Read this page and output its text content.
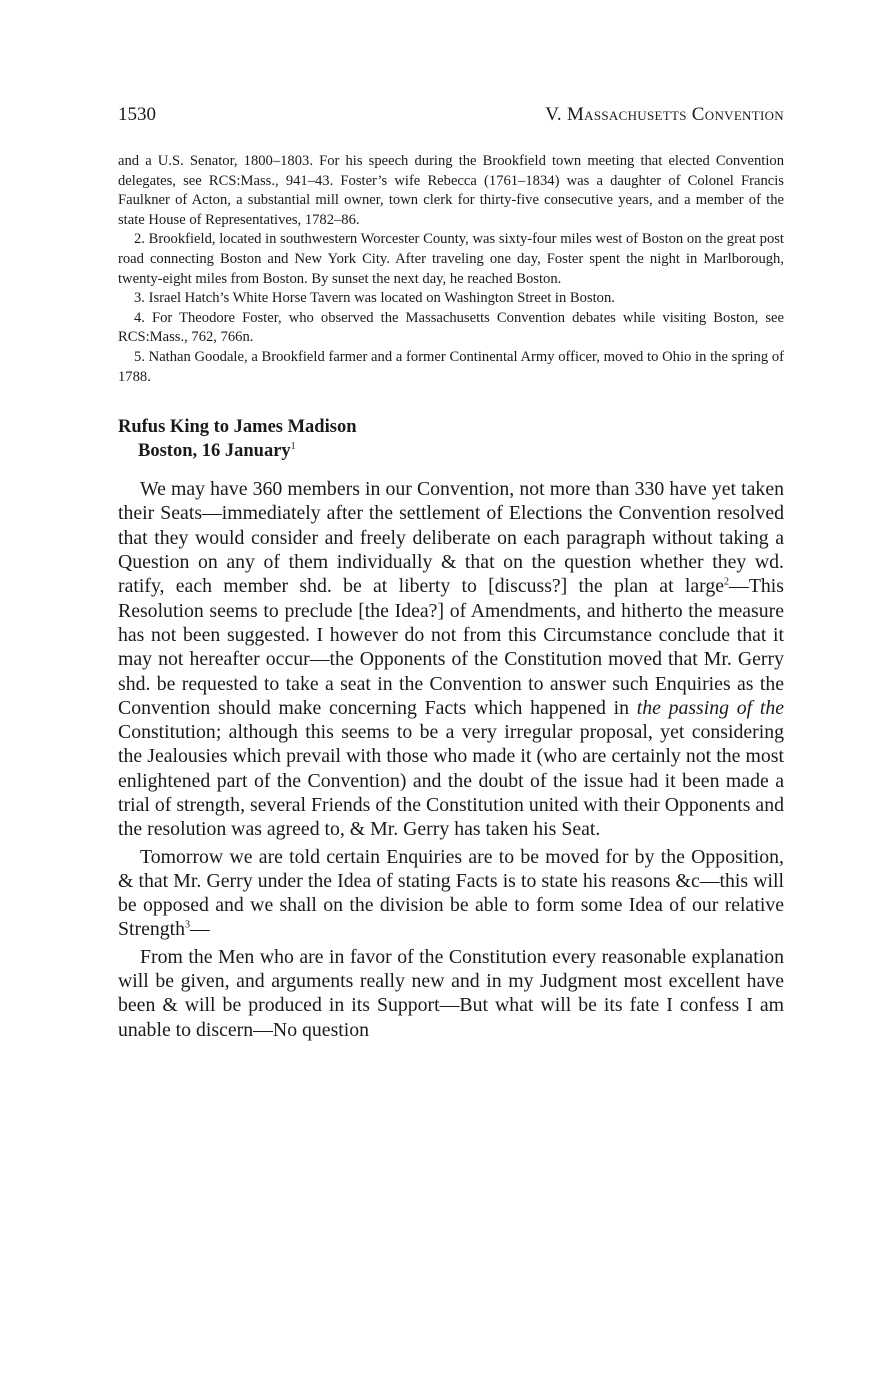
1530	V. Massachusetts Convention

and a U.S. Senator, 1800–1803. For his speech during the Brookfield town meeting that elected Convention delegates, see RCS:Mass., 941–43. Foster’s wife Rebecca (1761–1834) was a daughter of Colonel Francis Faulkner of Acton, a substantial mill owner, town clerk for thirty-five consecutive years, and a member of the state House of Representatives, 1782–86.

2. Brookfield, located in southwestern Worcester County, was sixty-four miles west of Boston on the great post road connecting Boston and New York City. After traveling one day, Foster spent the night in Marlborough, twenty-eight miles from Boston. By sunset the next day, he reached Boston.

3. Israel Hatch’s White Horse Tavern was located on Washington Street in Boston.

4. For Theodore Foster, who observed the Massachusetts Convention debates while visiting Boston, see RCS:Mass., 762, 766n.

5. Nathan Goodale, a Brookfield farmer and a former Continental Army officer, moved to Ohio in the spring of 1788.

Rufus King to James Madison
Boston, 16 January$^1$

We may have 360 members in our Convention, not more than 330 have yet taken their Seats—immediately after the settlement of Elections the Convention resolved that they would consider and freely deliberate on each paragraph without taking a Question on any of them individually & that on the question whether they wd. ratify, each member shd. be at liberty to [discuss?] the plan at large$^2$—This Resolution seems to preclude [the Idea?] of Amendments, and hitherto the measure has not been suggested. I however do not from this Circumstance conclude that it may not hereafter occur—the Opponents of the Constitution moved that Mr. Gerry shd. be requested to take a seat in the Convention to answer such Enquiries as the Convention should make concerning Facts which happened in the passing of the Constitution; although this seems to be a very irregular proposal, yet considering the Jealousies which prevail with those who made it (who are certainly not the most enlightened part of the Convention) and the doubt of the issue had it been made a trial of strength, several Friends of the Constitution united with their Opponents and the resolution was agreed to, & Mr. Gerry has taken his Seat.

Tomorrow we are told certain Enquiries are to be moved for by the Opposition, & that Mr. Gerry under the Idea of stating Facts is to state his reasons &c—this will be opposed and we shall on the division be able to form some Idea of our relative Strength$^3$—

From the Men who are in favor of the Constitution every reasonable explanation will be given, and arguments really new and in my Judgment most excellent have been & will be produced in its Support—But what will be its fate I confess I am unable to discern—No question
